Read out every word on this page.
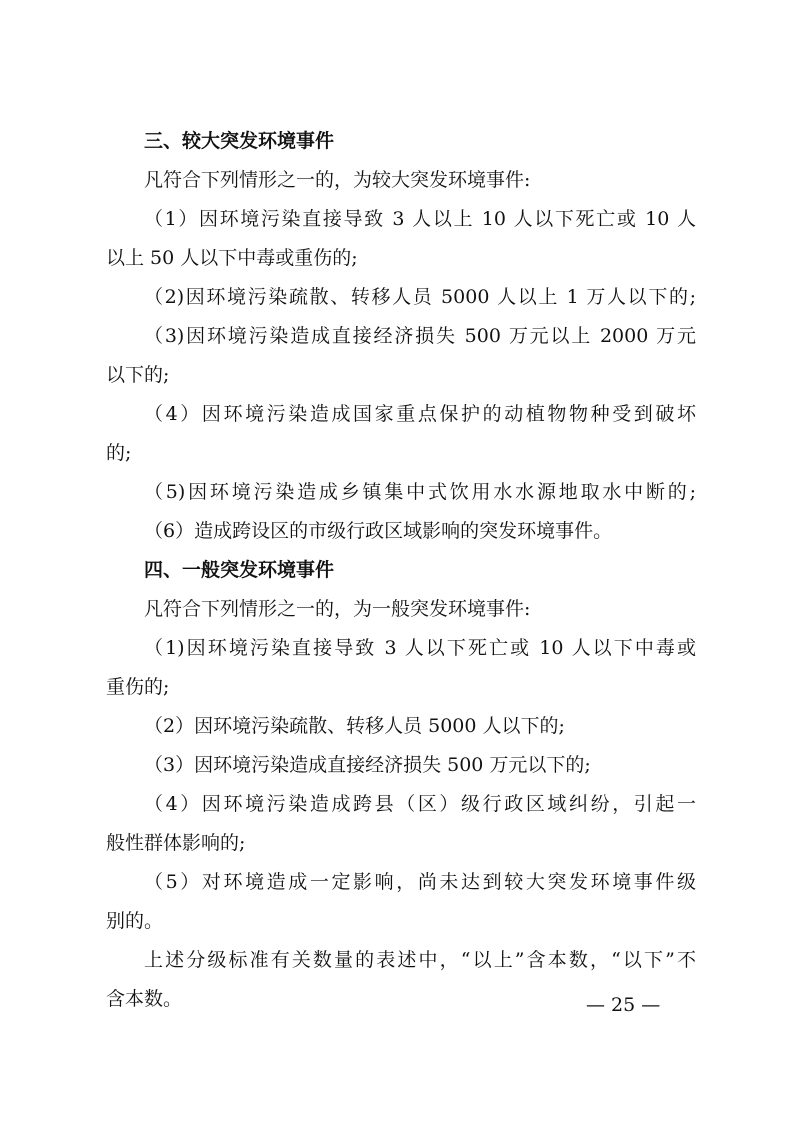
三、较大突发环境事件
凡符合下列情形之一的，为较大突发环境事件:
（1）因环境污染直接导致 3 人以上 10 人以下死亡或 10 人
以上 50 人以下中毒或重伤的;
（2)因环境污染疏散、转移人员 5000 人以上 1 万人以下的;
（3)因环境污染造成直接经济损失 500 万元以上 2000 万元
以下的;
（4）因环境污染造成国家重点保护的动植物物种受到破坏
的;
（5)因环境污染造成乡镇集中式饮用水水源地取水中断的;
（6）造成跨设区的市级行政区域影响的突发环境事件。
四、一般突发环境事件
凡符合下列情形之一的，为一般突发环境事件:
（1)因环境污染直接导致 3 人以下死亡或 10 人以下中毒或
重伤的;
（2）因环境污染疏散、转移人员 5000 人以下的;
（3）因环境污染造成直接经济损失 500 万元以下的;
（4）因环境污染造成跨县（区）级行政区域纠纷，引起一
般性群体影响的;
（5）对环境造成一定影响，尚未达到较大突发环境事件级
别的。
上述分级标准有关数量的表述中，“以上”含本数，“以下”不
含本数。	— 25 —
